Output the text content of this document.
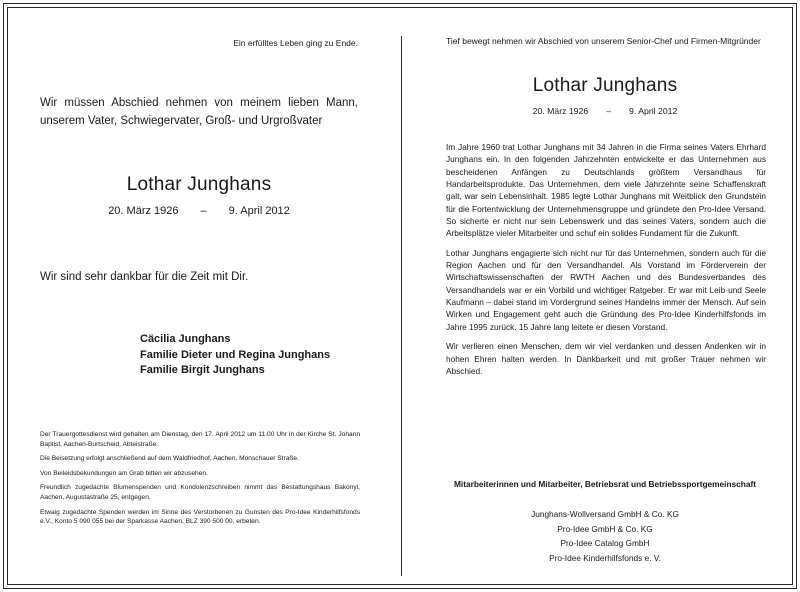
Ein erfülltes Leben ging zu Ende.

Wir müssen Abschied nehmen von meinem lieben Mann, unserem Vater, Schwiegervater, Groß- und Urgroßvater

Lothar Junghans

20. März 1926 – 9. April 2012

Wir sind sehr dankbar für die Zeit mit Dir.

Cäcilia Junghans

Familie Dieter und Regina Junghans

Familie Birgit Junghans

Der Trauergottesdienst wird gehalten am Dienstag, den 17. April 2012 um 11.00 Uhr in der Kirche St. Johann Baptist, Aachen-Burtscheid, Abteistraße.

Die Beisetzung erfolgt anschließend auf dem Waldfriedhof, Aachen, Monschauer Straße.

Von Beileidsbekundungen am Grab bitten wir abzusehen.

Freundlich zugedachte Blumenspenden und Kondolenzschreiben nimmt das Bestattungshaus Bakonyi, Aachen, Augustastraße 25, entgegen.

Etwaig zugedachte Spenden werden im Sinne des Verstorbenen zu Gunsten des Pro-Idee Kinderhilfsfonds e.V., Konto 5 090 055 bei der Sparkasse Aachen, BLZ 390 500 00, erbeten.

Tief bewegt nehmen wir Abschied von unserem Senior-Chef und Firmen-Mitgründer

Lothar Junghans

20. März 1926 – 9. April 2012

Im Jahre 1960 trat Lothar Junghans mit 34 Jahren in die Firma seines Vaters Ehrhard Junghans ein. In den folgenden Jahrzehnten entwickelte er das Unternehmen aus bescheidenen Anfängen zu Deutschlands größtem Versandhaus für Handarbeitsprodukte. Das Unternehmen, dem viele Jahrzehnte seine Schaffenskraft galt, war sein Lebensinhalt. 1985 legte Lothar Junghans mit Weitblick den Grundstein für die Fortentwicklung der Unternehmensgruppe und gründete den Pro-Idee Versand. So sicherte er nicht nur sein Lebenswerk und das seines Vaters, sondern auch die Arbeitsplätze vieler Mitarbeiter und schuf ein solides Fundament für die Zukunft.

Lothar Junghans engagierte sich nicht nur für das Unternehmen, sondern auch für die Region Aachen und für den Versandhandel. Als Vorstand im Förderverein der Wirtschaftswissenschaften der RWTH Aachen und des Bundesverbandes des Versandhandels war er ein Vorbild und wichtiger Ratgeber. Er war mit Leib und Seele Kaufmann – dabei stand im Vordergrund seines Handelns immer der Mensch. Auf sein Wirken und Engagement geht auch die Gründung des Pro-Idee Kinderhilfsfonds im Jahre 1995 zurück. 15 Jahre lang leitete er diesen Vorstand.

Wir verlieren einen Menschen, dem wir viel verdanken und dessen Andenken wir in hohen Ehren halten werden. In Dankbarkeit und mit großer Trauer nehmen wir Abschied.

Mitarbeiterinnen und Mitarbeiter, Betriebsrat und Betriebssportgemeinschaft

Junghans-Wollversand GmbH & Co. KG

Pro-Idee GmbH & Co. KG

Pro-Idee Catalog GmbH

Pro-Idee Kinderhilfsfonds e. V.
